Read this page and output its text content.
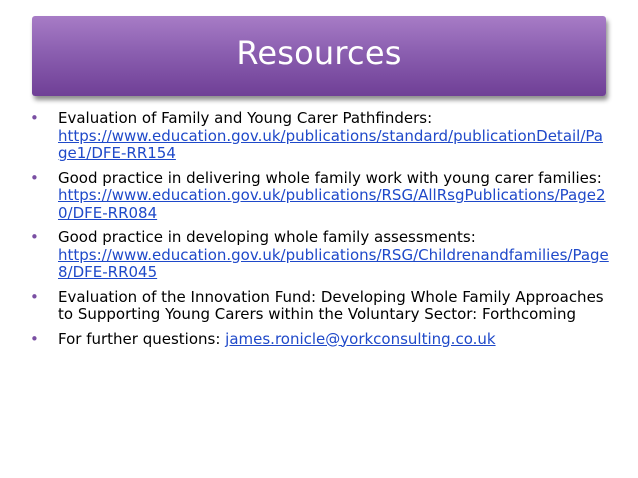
Resources
• Evaluation of Family and Young Carer Pathfinders:
https://www.education.gov.uk/publications/standard/publicationDetail/Page1/DFE-RR154
• Good practice in delivering whole family work with young carer families:
https://www.education.gov.uk/publications/RSG/AllRsgPublications/Page20/DFE-RR084
• Good practice in developing whole family assessments:
https://www.education.gov.uk/publications/RSG/Childrenandfamilies/Page8/DFE-RR045
• Evaluation of the Innovation Fund: Developing Whole Family Approaches to Supporting Young Carers within the Voluntary Sector: Forthcoming
• For further questions: james.ronicle@yorkconsulting.co.uk
